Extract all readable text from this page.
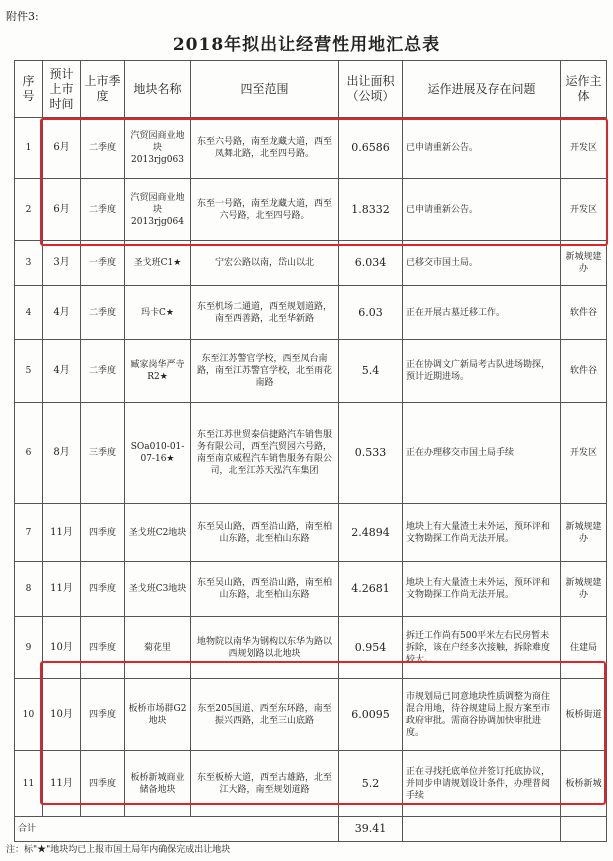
附件3:
2018年拟出让经营性用地汇总表
序号	预计上市时间	上市季度	地块名称	四至范围	出让面积（公顷）	运作进展及存在问题	运作主体
1	6月	二季度	汽贸园商业地块2013rjg063	东至六号路，南至龙藏大道，西至凤舞北路，北至四号路。	0.6586	已申请重新公告。	开发区
2	6月	二季度	汽贸园商业地块2013rjg064	东至一号路，南至龙藏大道，西至六号路，北至四号路。	1.8332	已申请重新公告。	开发区
3	3月	一季度	圣戈班C1★	宁宏公路以南，岱山以北	6.034	已移交市国土局。	新城规建办
4	4月	二季度	玛卡C★	东至机场二通道，西至规划道路，南至西善路，北至华新路	6.03	正在开展古墓迁移工作。	软件谷
5	4月	二季度	臧家岗华严寺R2★	东至江苏警官学校，西至凤台南路，南至江苏警官学校，北至雨花南路	5.4	正在协调文广新局考古队进场勘探，预计近期进场。	软件谷
6	8月	三季度	SOa010-01-07-16★	东至江苏世贸泰信捷路汽车销售服务有限公司，西至汽贸园六号路，南至南京威程汽车销售服务有限公司，北至江苏天泓汽车集团	0.533	正在办理移交市国土局手续	开发区
7	11月	四季度	圣戈班C2地块	东至吴山路，西至沿山路，南至柏山东路，北至柏山东路	2.4894	地块上有大量渣土未外运，预环评和文物勘探工作尚无法开展。	新城规建办
8	11月	四季度	圣戈班C3地块	东至吴山路，西至沿山路，南至柏山东路，北至柏山东路	4.2681	地块上有大量渣土未外运，预环评和文物勘探工作尚无法开展。	新城规建办
9	10月	四季度	菊花里	地物院以南华为钢构以东华为路以西规划路以北地块	0.954	拆迁工作尚有500平米左右民房暂未拆除，该在户经多次接触，拆除难度较大。	住建局
10	10月	四季度	板桥市场群G2地块	东至205国道、西至东环路，南至振兴西路，北至三山底路	6.0095	市规划局已同意地块性质调整为商住混合用地，待谷规建局上报方案至市政府审批。需商谷协调加快审批进度。	板桥街道
11	11月	四季度	板桥新城商业储备地块	东至板桥大道，西至古雄路，北至江大路，南至规划道路	5.2	正在寻找托底单位并签订托底协议，并同步申请规划设计条件，办理普阅手续	板桥新城
合计					39.41		
注：标"★"地块均已上报市国土局年内确保完成出让地块
